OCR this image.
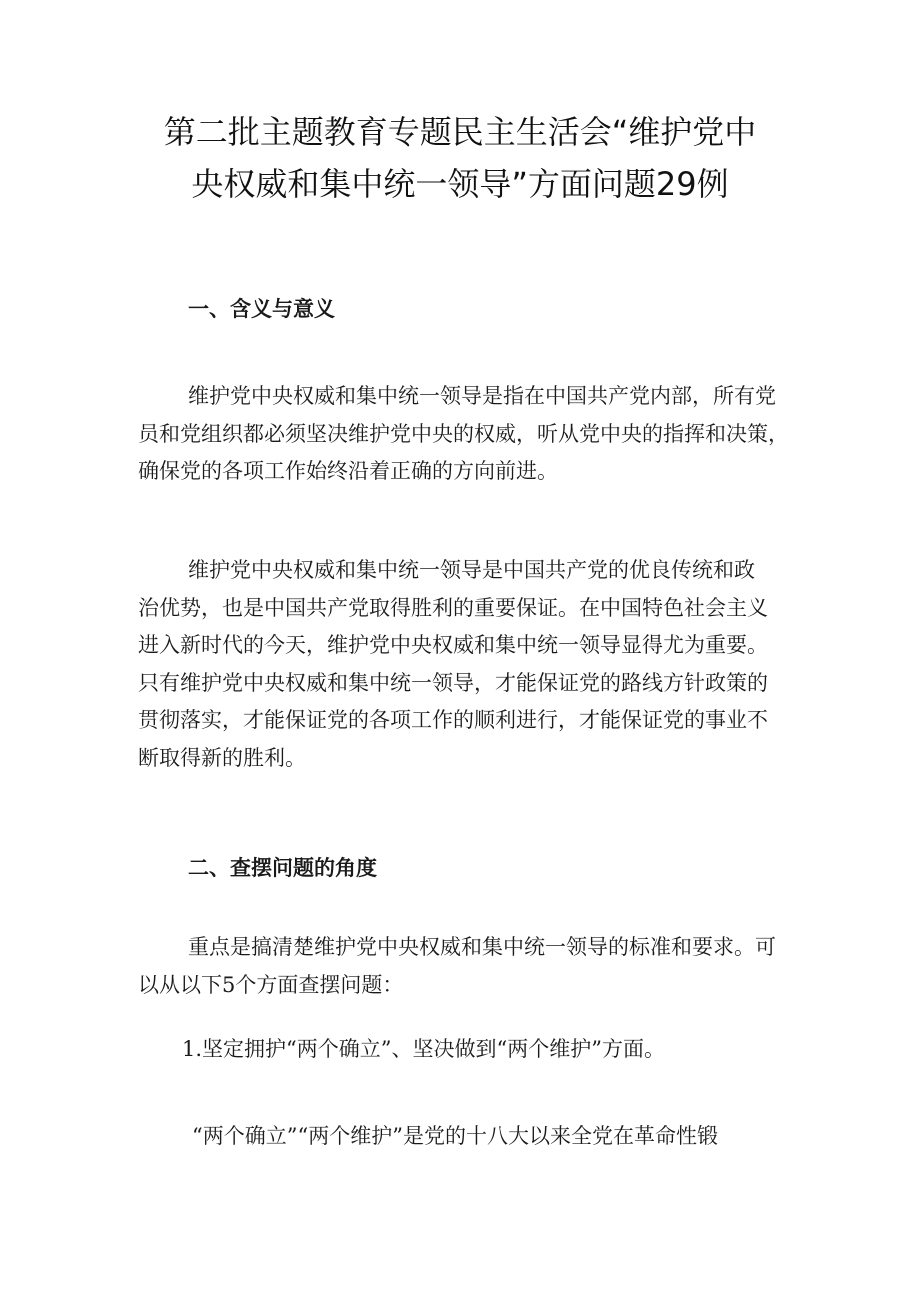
第二批主题教育专题民主生活会“维护党中
央权威和集中统一领导”方面问题29例
一、含义与意义

维护党中央权威和集中统一领导是指在中国共产党内部，所有党
员和党组织都必须坚决维护党中央的权威，听从党中央的指挥和决策，
确保党的各项工作始终沿着正确的方向前进。

维护党中央权威和集中统一领导是中国共产党的优良传统和政
治优势，也是中国共产党取得胜利的重要保证。在中国特色社会主义
进入新时代的今天，维护党中央权威和集中统一领导显得尤为重要。
只有维护党中央权威和集中统一领导，才能保证党的路线方针政策的
贯彻落实，才能保证党的各项工作的顺利进行，才能保证党的事业不
断取得新的胜利。

二、查摆问题的角度

重点是搞清楚维护党中央权威和集中统一领导的标准和要求。可
以从以下5个方面查摆问题：

1.坚定拥护“两个确立”、坚决做到“两个维护”方面。

“两个确立”“两个维护”是党的十八大以来全党在革命性锻
